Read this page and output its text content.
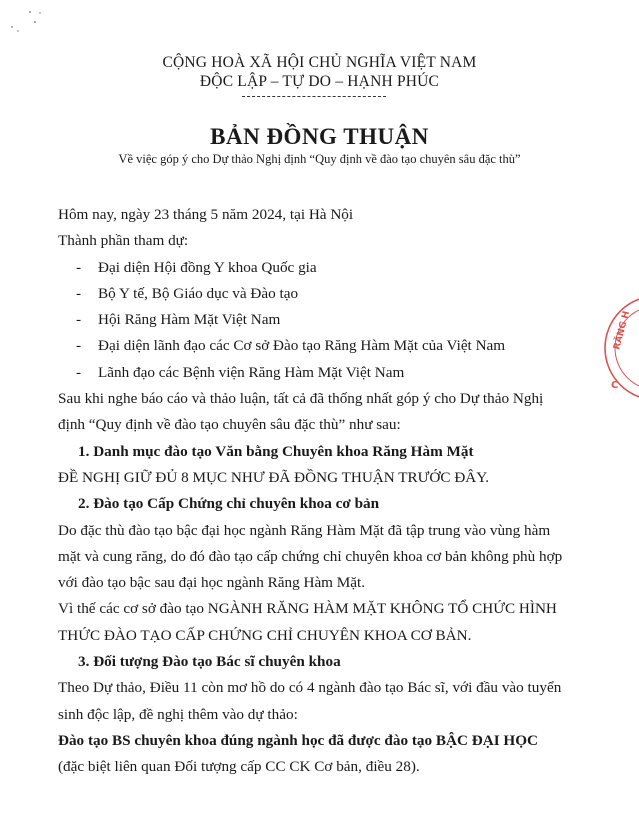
CỘNG HOÀ XÃ HỘI CHỦ NGHĨA VIỆT NAM
ĐỘC LẬP – TỰ DO – HẠNH PHÚC
BẢN ĐỒNG THUẬN
Về việc góp ý cho Dự thảo Nghị định “Quy định về đào tạo chuyên sâu đặc thù”
Hôm nay, ngày 23 tháng 5 năm 2024, tại Hà Nội
Thành phần tham dự:
- Đại diện Hội đồng Y khoa Quốc gia
- Bộ Y tế, Bộ Giáo dục và Đào tạo
- Hội Răng Hàm Mặt Việt Nam
- Đại diện lãnh đạo các Cơ sở Đào tạo Răng Hàm Mặt của Việt Nam
- Lãnh đạo các Bệnh viện Răng Hàm Mặt Việt Nam
Sau khi nghe báo cáo và thảo luận, tất cả đã thống nhất góp ý cho Dự thảo Nghị
định “Quy định về đào tạo chuyên sâu đặc thù” như sau:
1. Danh mục đào tạo Văn bằng Chuyên khoa Răng Hàm Mặt
ĐỀ NGHỊ GIỮ ĐỦ 8 MỤC NHƯ ĐÃ ĐỒNG THUẬN TRƯỚC ĐÂY.
2. Đào tạo Cấp Chứng chỉ chuyên khoa cơ bản
Do đặc thù đào tạo bậc đại học ngành Răng Hàm Mặt đã tập trung vào vùng hàm
mặt và cung răng, do đó đào tạo cấp chứng chỉ chuyên khoa cơ bản không phù hợp
với đào tạo bậc sau đại học ngành Răng Hàm Mặt.
Vì thế các cơ sở đào tạo NGÀNH RĂNG HÀM MẶT KHÔNG TỔ CHỨC HÌNH
THỨC ĐÀO TẠO CẤP CHỨNG CHỈ CHUYÊN KHOA CƠ BẢN.
3. Đối tượng Đào tạo Bác sĩ chuyên khoa
Theo Dự thảo, Điều 11 còn mơ hồ do có 4 ngành đào tạo Bác sĩ, với đầu vào tuyển
sinh độc lập, đề nghị thêm vào dự thảo:
Đào tạo BS chuyên khoa đúng ngành học đã được đào tạo BẬC ĐẠI HỌC
(đặc biệt liên quan Đối tượng cấp CC CK Cơ bản, điều 28).
RĂNG H
C
